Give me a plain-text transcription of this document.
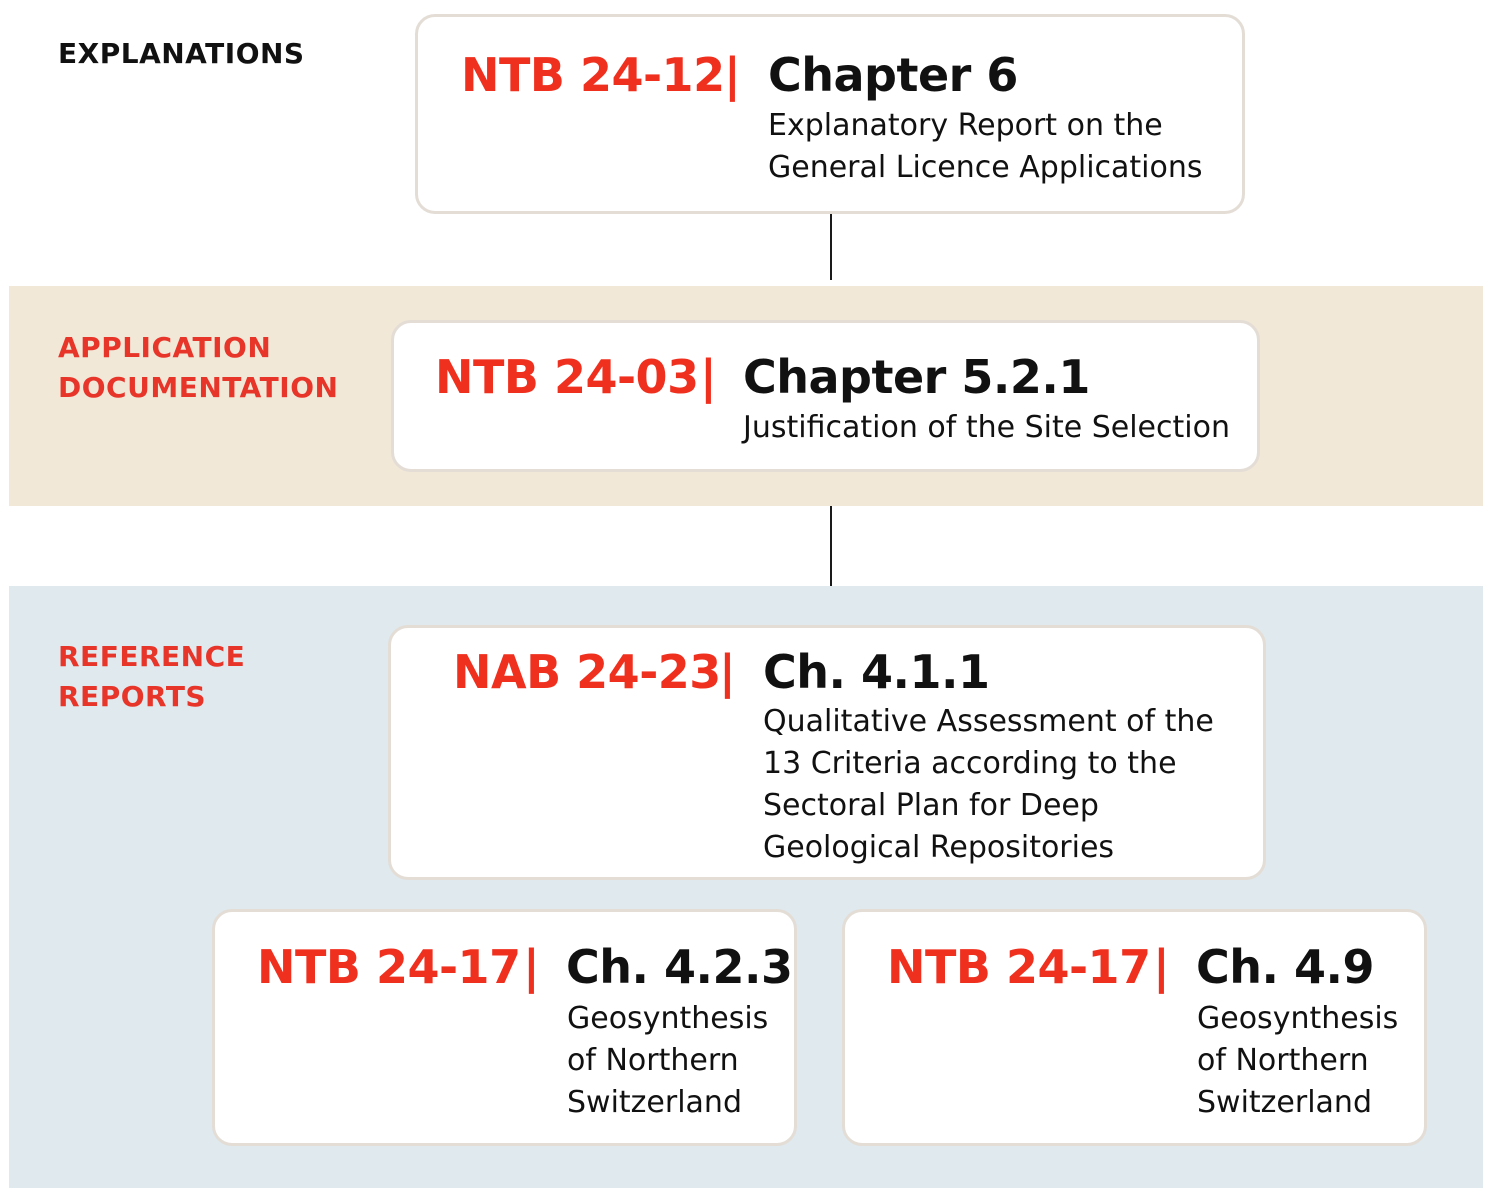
EXPLANATIONS
APPLICATION
DOCUMENTATION
REFERENCE
REPORTS
NTB 24-12 | Chapter 6
Explanatory Report on the
General Licence Applications
NTB 24-03 | Chapter 5.2.1
Justification of the Site Selection
NAB 24-23
| Ch. 4.1.1
Qualitative Assessment of the
13 Criteria according to the
Sectoral Plan for Deep
Geological Repositories
NTB 24-17 | Ch. 4.2.3
Geosynthesis
of Northern
Switzerland
NTB 24-17 | Ch. 4.9
Geosynthesis
of Northern
Switzerland
